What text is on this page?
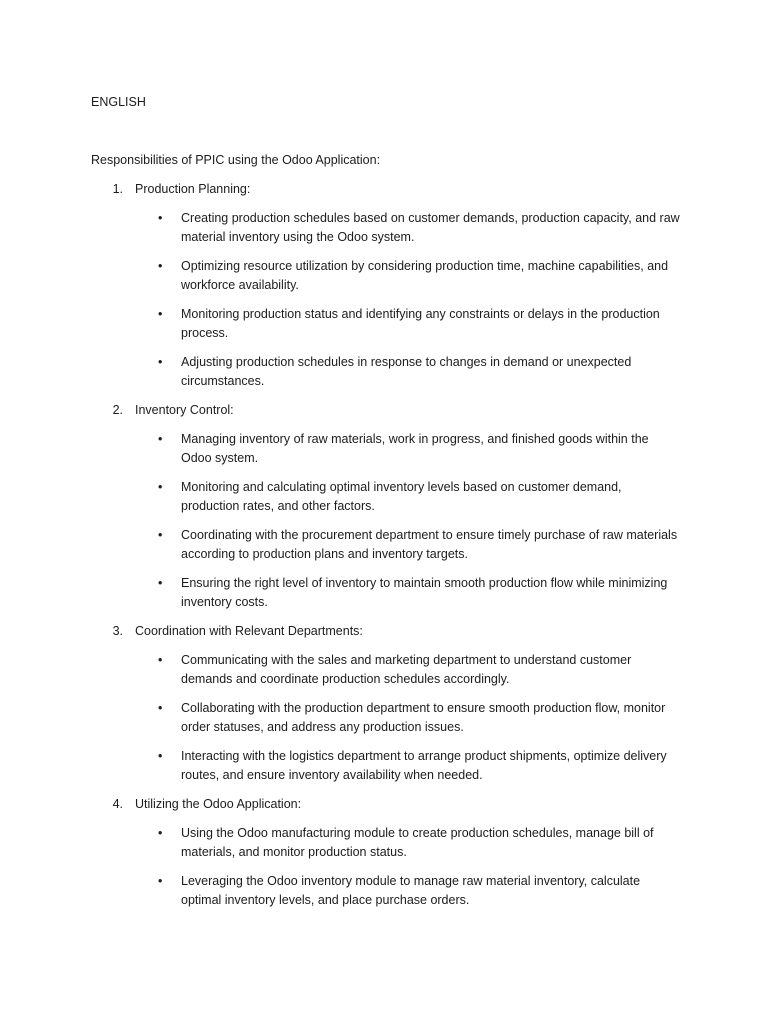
ENGLISH

Responsibilities of PPIC using the Odoo Application:

1. Production Planning:
• Creating production schedules based on customer demands, production capacity, and raw material inventory using the Odoo system.
• Optimizing resource utilization by considering production time, machine capabilities, and workforce availability.
• Monitoring production status and identifying any constraints or delays in the production process.
• Adjusting production schedules in response to changes in demand or unexpected circumstances.
2. Inventory Control:
• Managing inventory of raw materials, work in progress, and finished goods within the Odoo system.
• Monitoring and calculating optimal inventory levels based on customer demand, production rates, and other factors.
• Coordinating with the procurement department to ensure timely purchase of raw materials according to production plans and inventory targets.
• Ensuring the right level of inventory to maintain smooth production flow while minimizing inventory costs.
3. Coordination with Relevant Departments:
• Communicating with the sales and marketing department to understand customer demands and coordinate production schedules accordingly.
• Collaborating with the production department to ensure smooth production flow, monitor order statuses, and address any production issues.
• Interacting with the logistics department to arrange product shipments, optimize delivery routes, and ensure inventory availability when needed.
4. Utilizing the Odoo Application:
• Using the Odoo manufacturing module to create production schedules, manage bill of materials, and monitor production status.
• Leveraging the Odoo inventory module to manage raw material inventory, calculate optimal inventory levels, and place purchase orders.
